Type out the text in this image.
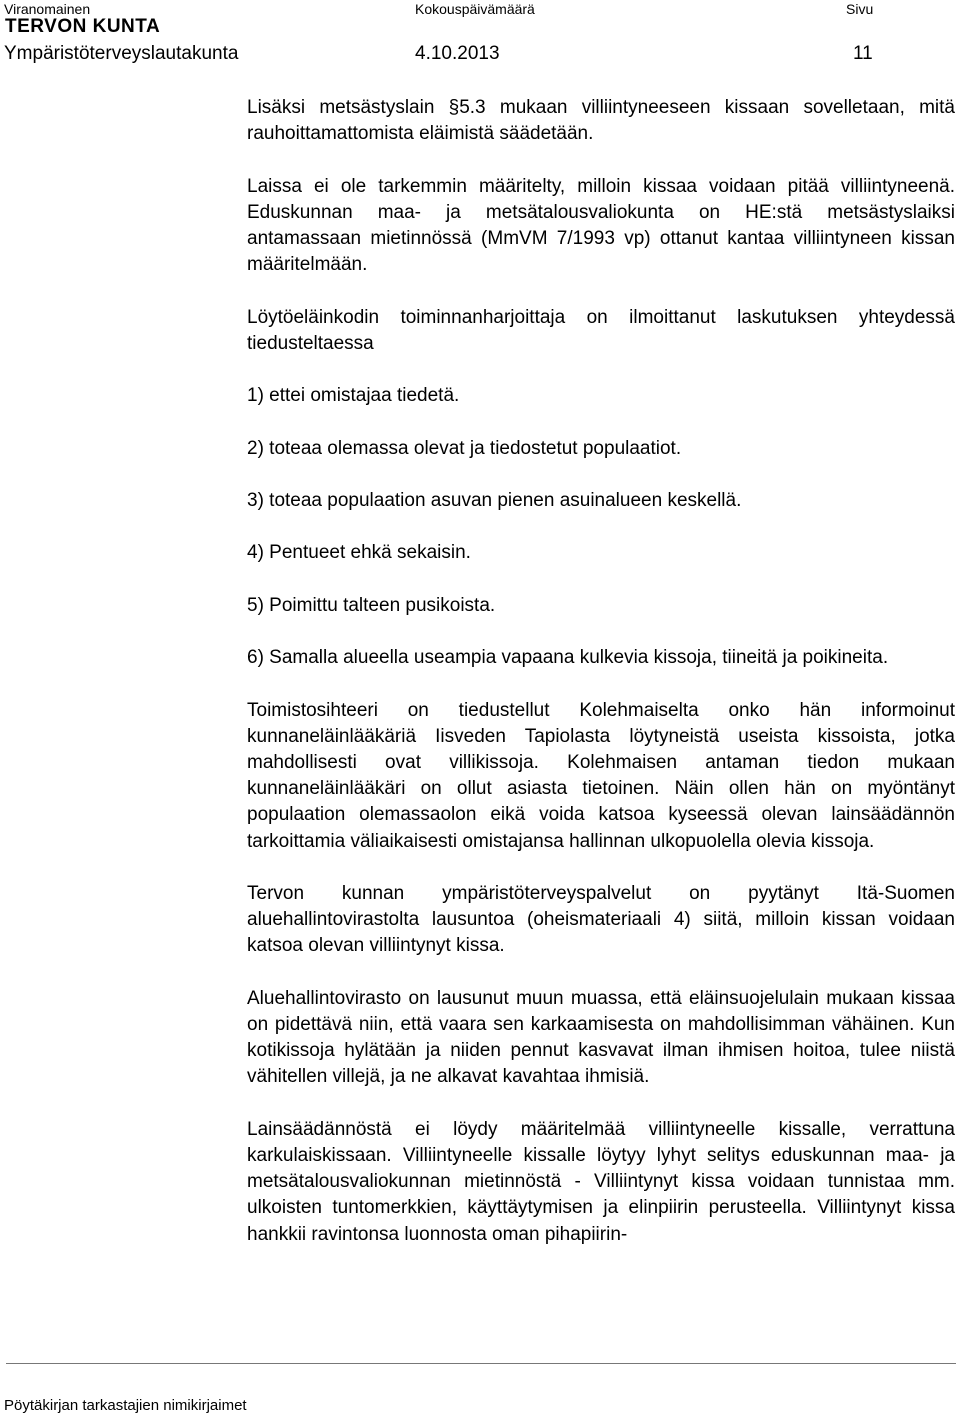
Viranomainen	Kokouspäivämäärä	Sivu
TERVON KUNTA
Ympäristöterveyslautakunta	4.10.2013	11

Lisäksi metsästyslain §5.3 mukaan villiintyneeseen kissaan sovelletaan, mitä rauhoittamattomista eläimistä säädetään.

Laissa ei ole tarkemmin määritelty, milloin kissaa voidaan pitää villiintyneenä. Eduskunnan maa- ja metsätalousvaliokunta on HE:stä metsästyslaiksi antamassaan mietinnössä (MmVM 7/1993 vp) ottanut kantaa villiintyneen kissan määritelmään.

Löytöeläinkodin toiminnanharjoittaja on ilmoittanut laskutuksen yhteydessä tiedusteltaessa

1) ettei omistajaa tiedetä.

2) toteaa olemassa olevat ja tiedostetut populaatiot.

3) toteaa populaation asuvan pienen asuinalueen keskellä.

4) Pentueet ehkä sekaisin.

5) Poimittu talteen pusikoista.

6) Samalla alueella useampia vapaana kulkevia kissoja, tiineitä ja poikineita.

Toimistosihteeri on tiedustellut Kolehmaiselta onko hän informoinut kunnaneläinlääkäriä Iisveden Tapiolasta löytyneistä useista kissoista, jotka mahdollisesti ovat villikissoja. Kolehmaisen antaman tiedon mukaan kunnaneläinlääkäri on ollut asiasta tietoinen. Näin ollen hän on myöntänyt populaation olemassaolon eikä voida katsoa kyseessä olevan lainsäädännön tarkoittamia väliaikaisesti omistajansa hallinnan ulkopuolella olevia kissoja.

Tervon kunnan ympäristöterveyspalvelut on pyytänyt Itä-Suomen aluehallintovirastolta lausuntoa (oheismateriaali 4) siitä, milloin kissan voidaan katsoa olevan villiintynyt kissa.

Aluehallintovirasto on lausunut muun muassa, että eläinsuojelulain mukaan kissaa on pidettävä niin, että vaara sen karkaamisesta on mahdollisimman vähäinen. Kun kotikissoja hylätään ja niiden pennut kasvavat ilman ihmisen hoitoa, tulee niistä vähitellen villejä, ja ne alkavat kavahtaa ihmisiä.

Lainsäädännöstä ei löydy määritelmää villiintyneelle kissalle, verrattuna karkulaiskissaan. Villiintyneelle kissalle löytyy lyhyt selitys eduskunnan maa- ja metsätalousvaliokunnan mietinnöstä - Villiintynyt kissa voidaan tunnistaa mm. ulkoisten tuntomerkkien, käyttäytymisen ja elinpiirin perusteella. Villiintynyt kissa hankkii ravintonsa luonnosta oman pihapiirin-

Pöytäkirjan tarkastajien nimikirjaimet
